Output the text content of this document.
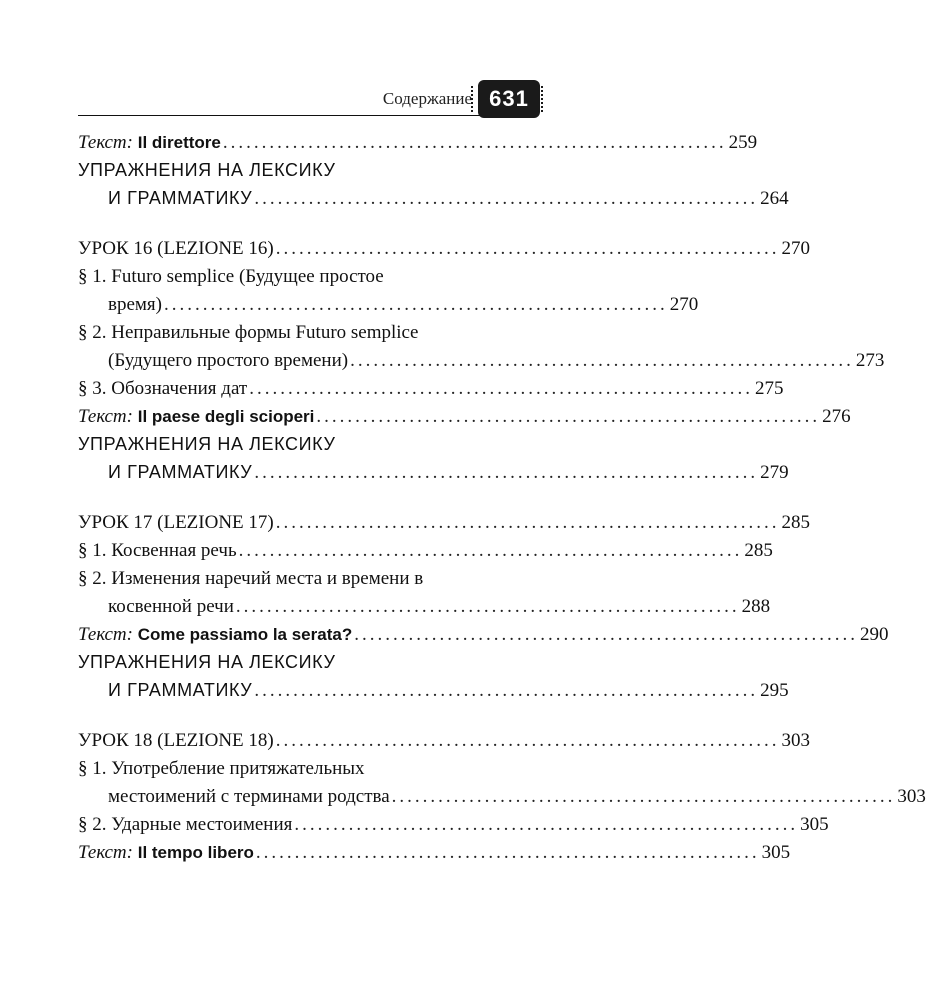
Содержание 631
Текст: Il direttore ................................................................. 259
УПРАЖНЕНИЯ НА ЛЕКСИКУ
И ГРАММАТИКУ ................................................................. 264
УРОК 16 (LEZIONE 16) ................................................................. 270
§ 1. Futuro semplice (Будущее простое
время) ................................................................. 270
§ 2. Неправильные формы Futuro semplice
(Будущего простого времени) ................................................................. 273
§ 3. Обозначения дат ................................................................. 275
Текст: Il paese degli scioperi ................................................................. 276
УПРАЖНЕНИЯ НА ЛЕКСИКУ
И ГРАММАТИКУ ................................................................. 279
УРОК 17 (LEZIONE 17) ................................................................. 285
§ 1. Косвенная речь ................................................................. 285
§ 2. Изменения наречий места и времени в
косвенной речи ................................................................. 288
Текст: Come passiamo la serata? ................................................................. 290
УПРАЖНЕНИЯ НА ЛЕКСИКУ
И ГРАММАТИКУ ................................................................. 295
УРОК 18 (LEZIONE 18) ................................................................. 303
§ 1. Употребление притяжательных
местоимений с терминами родства ................................................................. 303
§ 2. Ударные местоимения ................................................................. 305
Текст: Il tempo libero ................................................................. 305
